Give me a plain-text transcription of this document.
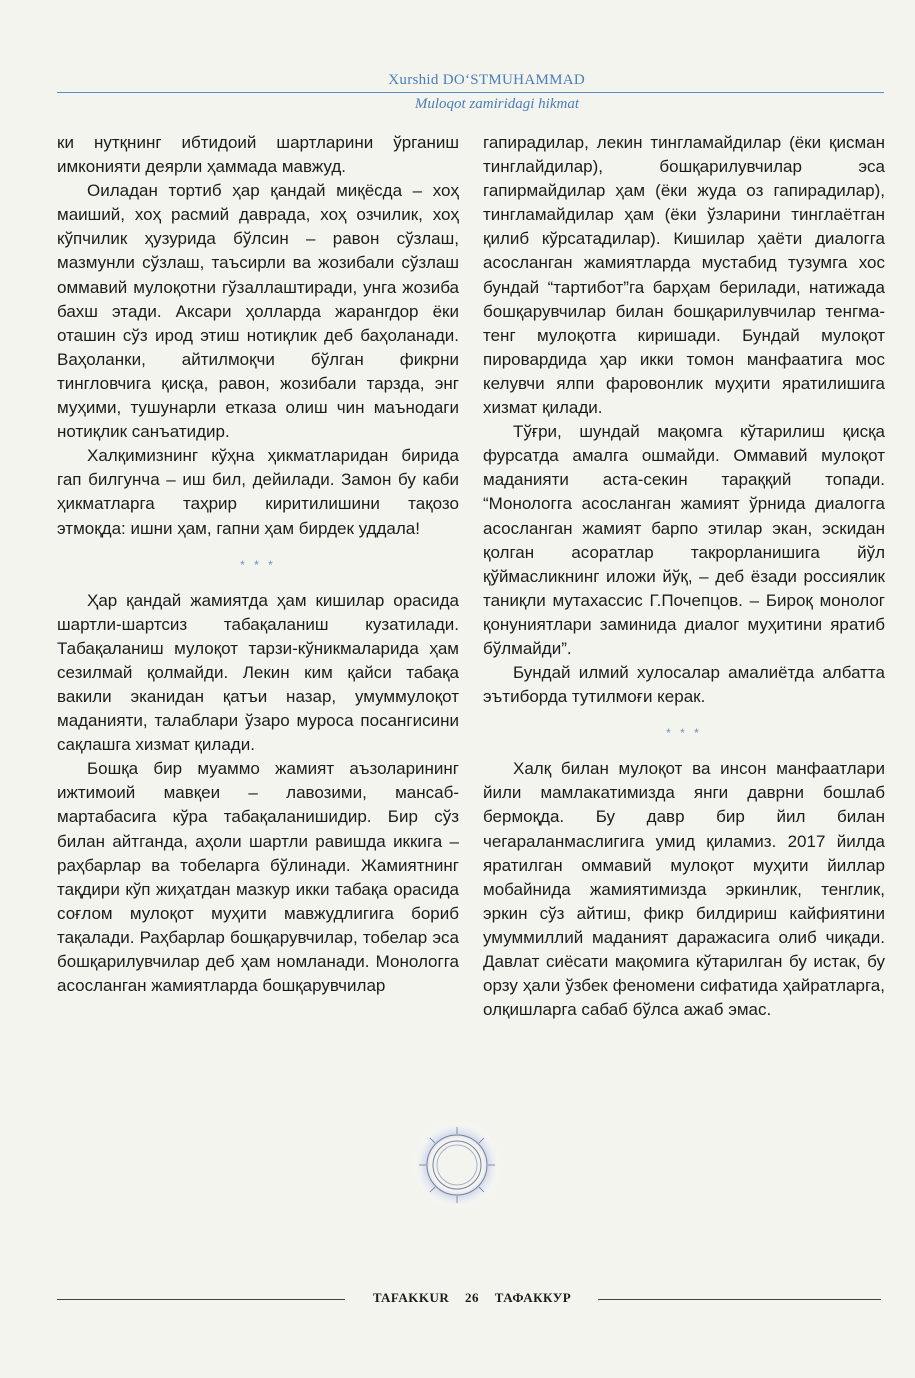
Xurshid DO‘STMUHAMMAD
Muloqot zamiridagi hikmat

ки нутқнинг ибтидоий шартларини ўрганиш имконияти деярли ҳаммада мавжуд.

Оиладан тортиб ҳар қандай миқёсда – хоҳ маиший, хоҳ расмий даврада, хоҳ озчилик, хоҳ кўпчилик ҳузурида бўлсин – равон сўзлаш, мазмунли сўзлаш, таъсирли ва жозибали сўзлаш оммавий мулоқотни гўзаллаштиради, унга жозиба бахш этади. Аксари ҳолларда жарангдор ёки оташин сўз ирод этиш нотиқлик деб баҳоланади. Ваҳоланки, айтилмоқчи бўлган фикрни тингловчига қисқа, равон, жозибали тарзда, энг муҳими, тушунарли етказа олиш чин маънодаги нотиқлик санъатидир.

Халқимизнинг кўҳна ҳикматларидан бирида гап билгунча – иш бил, дейилади. Замон бу каби ҳикматларга таҳрир киритилишини тақозо этмоқда: ишни ҳам, гапни ҳам бирдек уддала!

* * *

Ҳар қандай жамиятда ҳам кишилар орасида шартли-шартсиз табақаланиш кузатилади. Табақаланиш мулоқот тарзи-кўникмаларида ҳам сезилмай қолмайди. Лекин ким қайси табақа вакили эканидан қатъи назар, умуммулоқот маданияти, талаблари ўзаро муроса посангисини сақлашга хизмат қилади.

Бошқа бир муаммо жамият аъзоларининг ижтимоий мавқеи – лавозими, мансаб-мартабасига кўра табақаланишидир. Бир сўз билан айтганда, аҳоли шартли равишда иккига – раҳбарлар ва тобеларга бўлинади. Жамиятнинг тақдири кўп жиҳатдан мазкур икки табақа орасида соғлом мулоқот муҳити мавжудлигига бориб тақалади. Раҳбарлар бошқарувчилар, тобелар эса бошқарилувчилар деб ҳам номланади. Монологга асосланган жамиятларда бошқарувчилар

гапирадилар, лекин тингламайдилар (ёки қисман тинглайдилар), бошқарилувчилар эса гапирмайдилар ҳам (ёки жуда оз гапирадилар), тингламайдилар ҳам (ёки ўзларини тинглаётган қилиб кўрсатадилар). Кишилар ҳаёти диалогга асосланган жамиятларда мустабид тузумга хос бундай “тартибот”га барҳам берилади, натижада бошқарувчилар билан бошқарилувчилар тенгма-тенг мулоқотга киришади. Бундай мулоқот пировардида ҳар икки томон манфаатига мос келувчи ялпи фаровонлик муҳити яратилишига хизмат қилади.

Тўғри, шундай мақомга кўтарилиш қисқа фурсатда амалга ошмайди. Оммавий мулоқот маданияти аста-секин тараққий топади. “Монологга асосланган жамият ўрнида диалогга асосланган жамият барпо этилар экан, эскидан қолган асоратлар такрорланишига йўл қўймасликнинг иложи йўқ, – деб ёзади россиялик таниқли мутахассис Г.Почепцов. – Бироқ монолог қонуниятлари заминида диалог муҳитини яратиб бўлмайди”.

Бундай илмий хулосалар амалиётда албатта эътиборда тутилмоғи керак.

* * *

Халқ билан мулоқот ва инсон манфаатлари йили мамлакатимизда янги даврни бошлаб бермоқда. Бу давр бир йил билан чегараланмаслигига умид қиламиз. 2017 йилда яратилган оммавий мулоқот муҳити йиллар мобайнида жамиятимизда эркинлик, тенглик, эркин сўз айтиш, фикр билдириш кайфиятини умуммиллий маданият даражасига олиб чиқади. Давлат сиёсати мақомига кўтарилган бу истак, бу орзу ҳали ўзбек феномени сифатида ҳайратларга, олқишларга сабаб бўлса ажаб эмас.

TAFAKKUR 26 ТАФАККУР
